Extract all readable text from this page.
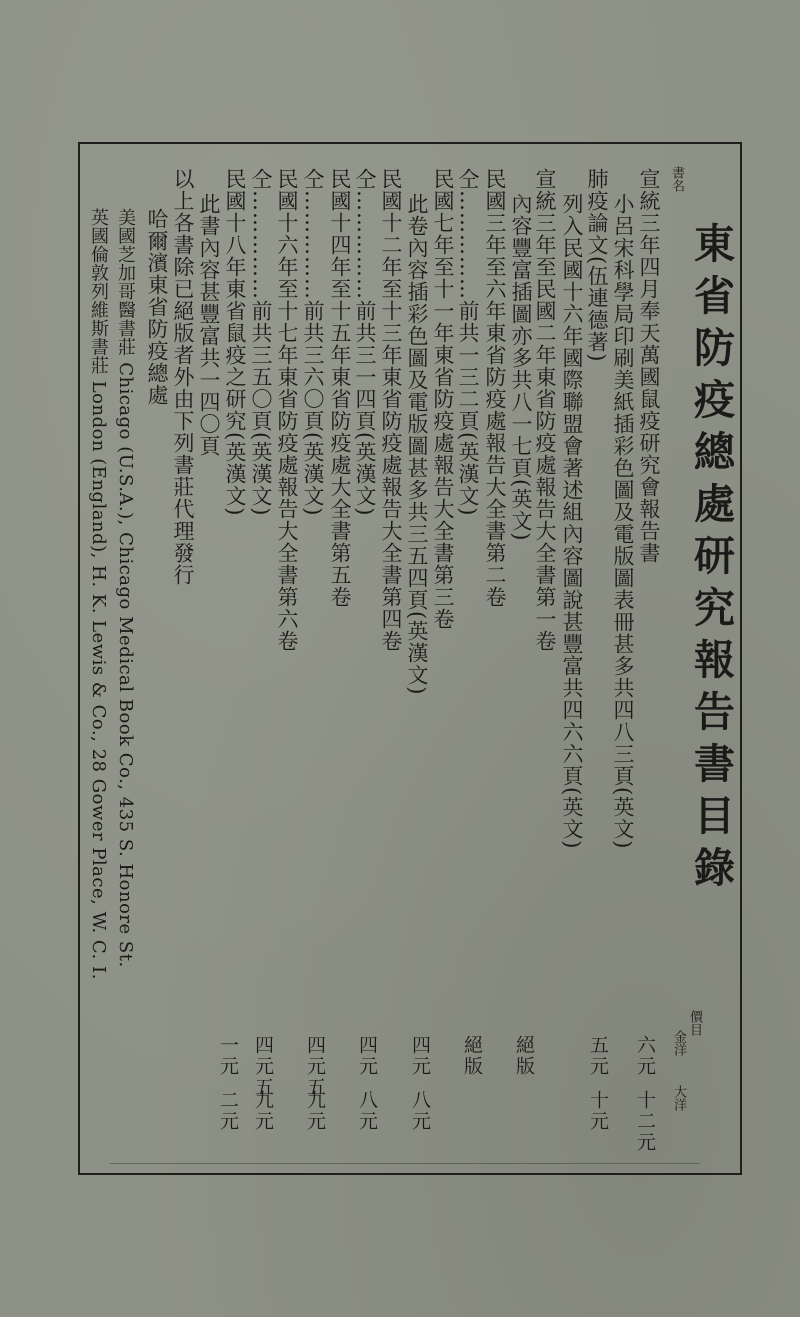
東省防疫總處研究報告書目錄
書名
價目
金洋
大洋
宣統三年四月奉天萬國鼠疫研究會報告書
小呂宋科學局印刷美紙插彩色圖及電版圖表冊甚多共四八三頁(英文)
肺疫論文(伍連德著)
列入民國十六年國際聯盟會著述組內容圖說甚豐富共四六六頁(英文)
宣統三年至民國二年東省防疫處報告大全書第一卷
內容豐富插圖亦多共八一七頁(英文)
民國三年至六年東省防疫處報告大全書第二卷
仝……………前共一三二頁(英漢文)
民國七年至十一年東省防疫處報告大全書第三卷
此卷內容插彩色圖及電版圖甚多共三五四頁(英漢文)
民國十二年至十三年東省防疫處報告大全書第四卷
仝……………前共三一四頁(英漢文)
民國十四年至十五年東省防疫處大全書第五卷
仝……………前共三六〇頁(英漢文)
民國十六年至十七年東省防疫處報告大全書第六卷
仝……………前共三五〇頁(英漢文)
民國十八年東省鼠疫之研究(英漢文)
此書內容甚豐富共一四〇頁
以上各書除已絕版者外由下列書莊代理發行
哈爾濱東省防疫總處
美國芝加哥醫書莊 Chicago (U.S.A.), Chicago Medical Book Co., 435 S. Honore St.
英國倫敦列維斯書莊 London (England), H. K. Lewis & Co., 28 Gower Place, W. C. I.
六元
十二元
五元
十元
絕版
絕版
四元
八元
四元
八元
四元五
九元
四元五
九元
一元
二元
